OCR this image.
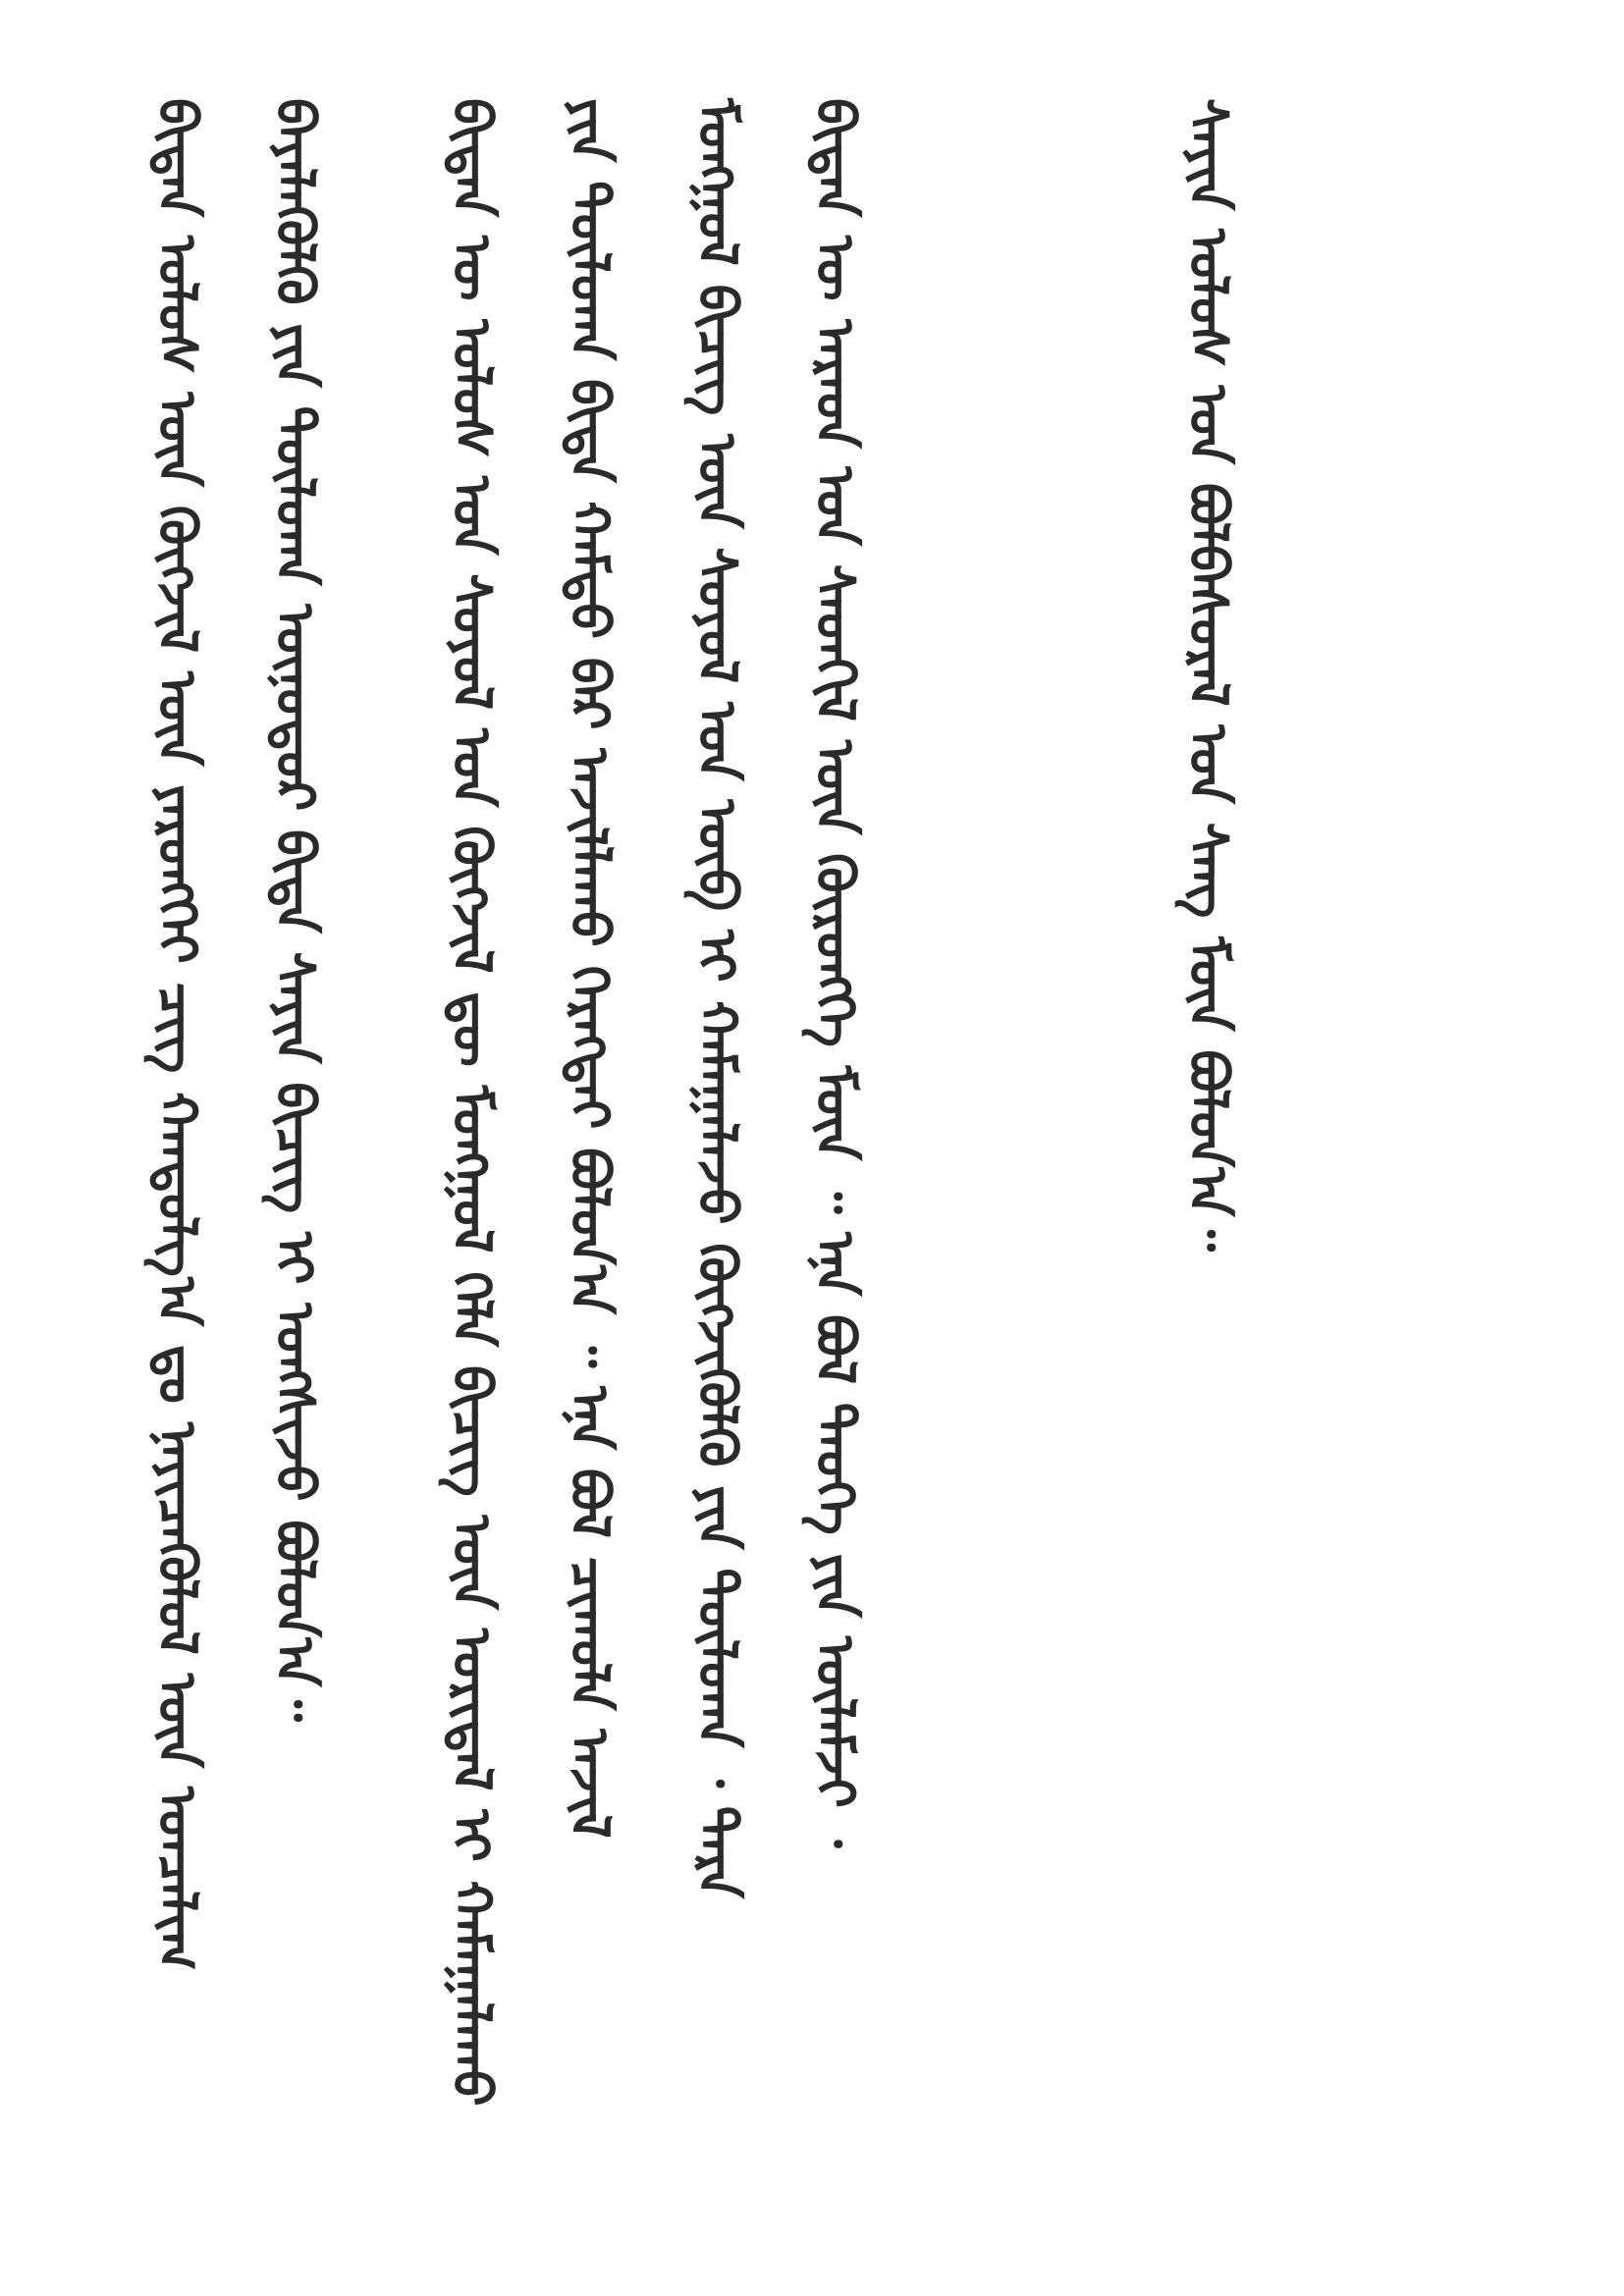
ᠪᠢᠳᠡᠨ ᠤᠯᠤᠰ ᠦᠨ ᠬᠥᠭᠵᠢᠯ ᠦᠨ ᠶᠡᠷᠦᠩᠬᠡᠢ ᠴᠢᠭ ᠬᠠᠨᠳᠤᠯᠭ᠎ᠠ ᠳᠤ ᠨᠡᠶᠢᠴᠡᠭᠦᠯᠦᠯ ᠦᠨ ᠣᠨᠴᠠᠯᠢᠭ ᠪᠡᠶᠡᠯᠡᠭᠦᠯᠬᠦ ᠶᠢᠨ ᠲᠥᠯᠥᠭ᠍ᠡ ᠥᠨᠥᠳᠦᠷ ᠪᠢᠳᠡ ᠰᠠᠶᠢᠨ ᠪᠢᠴᠢᠭ᠌ ᠢ ᠤᠩᠰᠢᠵᠤ ᠪᠣᠯᠤᠨ᠎ᠠ᠃ ᠪᠢᠳᠡᠨ ᠦ ᠤᠯᠤᠰ ᠤᠨ ᠰᠣᠶᠤᠯ ᠤᠨ ᠬᠥᠭᠵᠢᠯ ᠳᠦ ᠮᠣᠩᠭᠣᠯ ᠬᠡᠯᠡ ᠪᠢᠴᠢᠭ ᠦᠨ ᠤᠷᠢᠳᠠᠯ ᠢ ᠬᠠᠮᠠᠭᠠᠯᠠᠬᠤ ᠶᠢᠨ ᠲᠥᠯᠥᠭ᠍ᠡ ᠪᠢᠳᠡ ᠬᠠᠮᠲᠤ ᠪᠡᠷ ᠠᠵᠢᠯᠯᠠᠬᠤ ᠬᠡᠷᠡᠭᠲᠡᠶ ᠪᠣᠯᠤᠨ᠎ᠠ ᠃ ᠡᠨᠡ ᠪᠣᠯ ᠴᠢᠬᠤᠯᠠ ᠠᠵᠢᠯ ᠮᠣᠩᠭᠣᠯ ᠪᠢᠴᠢᠭ ᠦᠨ ᠰᠣᠶᠤᠯ ᠤᠨ ᠥᠪ ᠢ ᠬᠠᠮᠠᠭᠠᠯᠠᠵᠤ ᠬᠥᠭᠵᠢᠭᠦᠯᠬᠦ ᠶᠢᠨ ᠲᠥᠯᠥᠭ᠍ᠡ ᠂ ᠲᠡᠷᠡ ᠪᠢᠳᠡᠨ ᠦ ᠠᠷᠠᠳ ᠤᠨ ᠰᠡᠳᠬᠢᠯ ᠦᠨ ᠬᠥᠷᠥᠩᠭᠡ ᠮᠥᠨ ᠃ ᠡᠨᠡ ᠪᠣᠯ ᠲᠡᠦᠬᠡ ᠶᠢᠨ ᠦᠯᠡᠮᠵᠢ ᠂	ᠰᠠᠶᠢᠨ ᠤᠯᠤᠰ ᠤᠨ ᠪᠣᠯᠪᠠᠰᠤᠷᠠᠯ ᠤᠨ ᠰᠠᠩ ᠮᠥᠨ ᠪᠣᠯᠤᠨ᠎ᠠ᠃
